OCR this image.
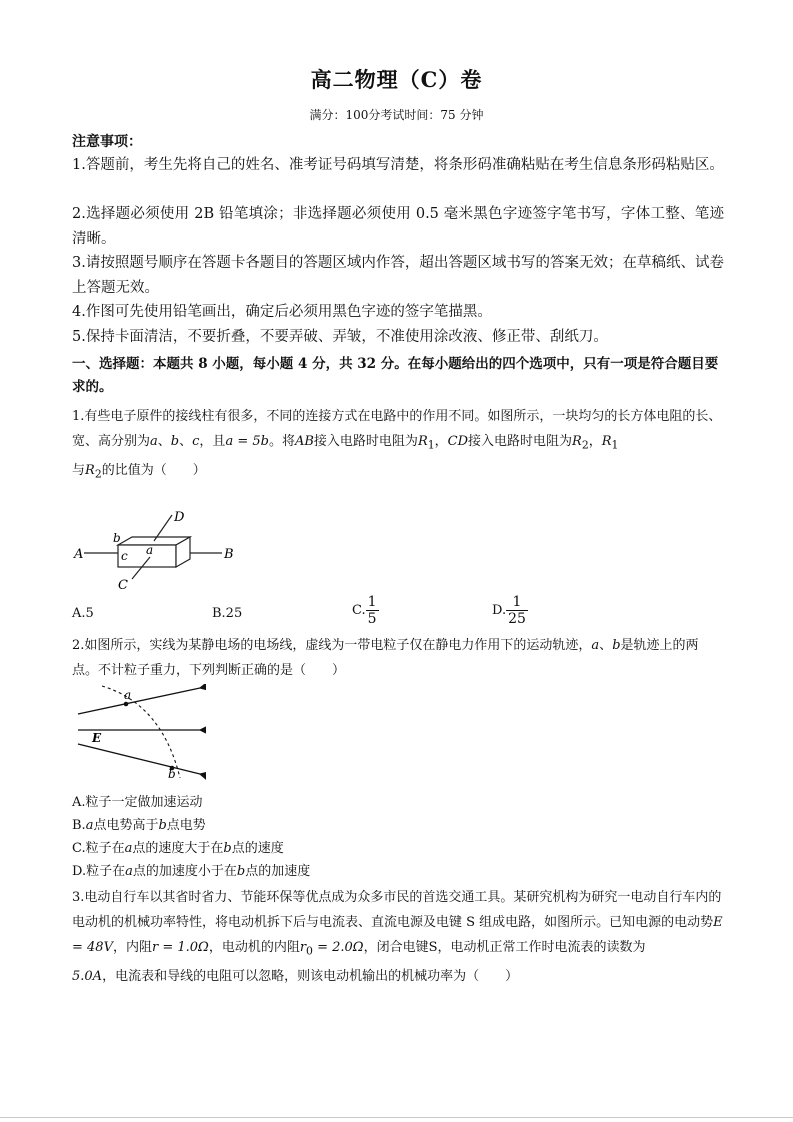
高二物理（C）卷
满分：100分考试时间：75 分钟
注意事项：
1.答题前，考生先将自己的姓名、准考证号码填写清楚，将条形码准确粘贴在考生信息条形码粘贴区。
2.选择题必须使用 2B 铅笔填涂；非选择题必须使用 0.5 毫米黑色字迹签字笔书写，字体工整、笔迹清晰。
3.请按照题号顺序在答题卡各题目的答题区域内作答，超出答题区域书写的答案无效；在草稿纸、试卷上答题无效。
4.作图可先使用铅笔画出，确定后必须用黑色字迹的签字笔描黑。
5.保持卡面清洁，不要折叠，不要弄破、弄皱，不准使用涂改液、修正带、刮纸刀。
一、选择题：本题共 8 小题，每小题 4 分，共 32 分。在每小题给出的四个选项中，只有一项是符合题目要求的。
1.有些电子原件的接线柱有很多，不同的连接方式在电路中的作用不同。如图所示，一块均匀的长方体电阻的长、宽、高分别为a、b、c，且a = 5b。将AB接入电路时电阻为$R_1$，CD接入电路时电阻为$R_2$，$R_1$
与$R_2$的比值为（　　）
A	B
C
D
a
b
c
A.5	B.25	C. $\frac{1}{5}$	D. $\frac{1}{25}$
2.如图所示，实线为某静电场的电场线，虚线为一带电粒子仅在静电力作用下的运动轨迹，a、b是轨迹上的两点。不计粒子重力，下列判断正确的是（　　）
a
b
E
A.粒子一定做加速运动
B.a点电势高于b点电势
C.粒子在a点的速度大于在b点的速度
D.粒子在a点的加速度小于在b点的加速度
3.电动自行车以其省时省力、节能环保等优点成为众多市民的首选交通工具。某研究机构为研究一电动自行车内的电动机的机械功率特性，将电动机拆下后与电流表、直流电源及电键 S 组成电路，如图所示。已知电源的电动势E = 48V，内阻r = 1.0Ω，电动机的内阻$r_0 = 2.0\Omega$，闭合电键S，电动机正常工作时电流表的读数为
5.0A，电流表和导线的电阻可以忽略，则该电动机输出的机械功率为（　　）
